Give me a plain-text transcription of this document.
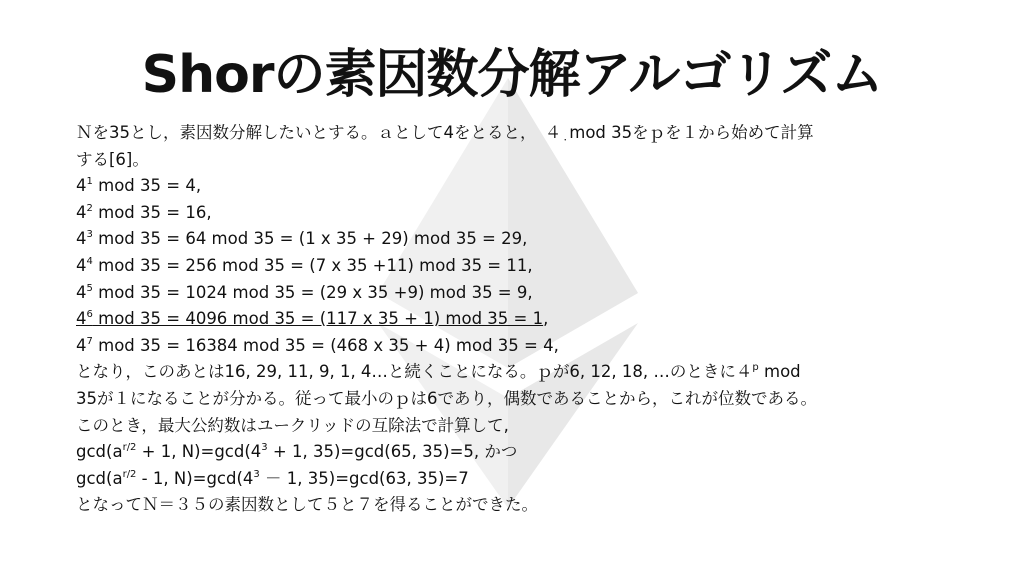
Shorの素因数分解アルゴリズム
Ｎを35とし，素因数分解したいとする。ａとして4をとると，　$4_・mod$ 35をｐを１から始めて計算
する[6]。
$4^1$ mod 35 = 4,
$4^2$ mod 35 = 16,
$4^3$ mod 35 = 64 mod 35 = (1 x 35 + 29) mod 35 = 29,
$4^4$ mod 35 = 256 mod 35 = (7 x 35 +11) mod 35 = 11,
$4^5$ mod 35 = 1024 mod 35 = (29 x 35 +9) mod 35 = 9,
$4^6$ mod 35 = 4096 mod 35 = (117 x 35 + 1) mod 35 = 1,
$4^7$ mod 35 = 16384 mod 35 = (468 x 35 + 4) mod 35 = 4,
となり，このあとは16, 29, 11, 9, 1, 4…と続くことになる。ｐが6, 12, 18, …のときに４$^p$ mod
35が１になることが分かる。従って最小のｐは6であり，偶数であることから，これが位数である。
このとき，最大公約数はユークリッドの互除法で計算して,
$\gcd(a^{r/2} + 1$, $N)=\gcd(4^3 + 1$, 35)=gcd(65, 35)=5, かつ
$\gcd(a^{r/2} - 1$, $N)=\gcd(4^3 - 1$, 35)=gcd(63, 35)=7
となってＮ＝３５の素因数として５と７を得ることができた。
